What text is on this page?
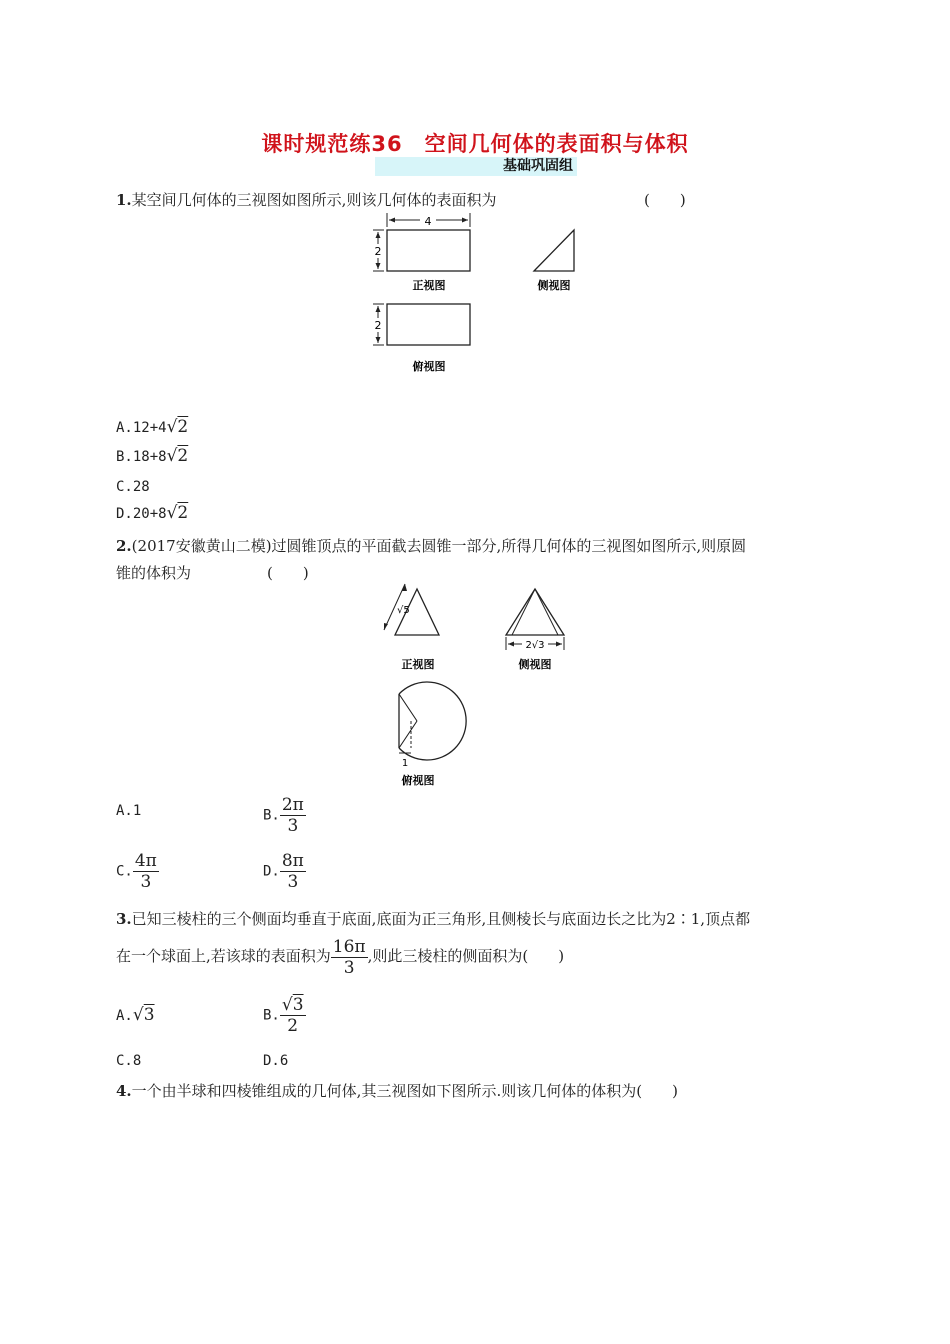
课时规范练36　空间几何体的表面积与体积
基础巩固组
1.某空间几何体的三视图如图所示,则该几何体的表面积为	(　　)
4
2
正视图	侧视图
2
俯视图
A.12+4√2
B.18+8√2
C.28
D.20+8√2
2.(2017安徽黄山二模)过圆锥顶点的平面截去圆锥一部分,所得几何体的三视图如图所示,则原圆
锥的体积为	(　　)
√5
正视图
2√3
侧视图
1
俯视图
A.1	B. $\frac{2\pi}{3}$
C. $\frac{4\pi}{3}$	D. $\frac{8\pi}{3}$
3.已知三棱柱的三个侧面均垂直于底面,底面为正三角形,且侧棱长与底面边长之比为2∶1,顶点都
在一个球面上,若该球的表面积为 $\frac{16\pi}{3}$ ,则此三棱柱的侧面积为(　　)
A.√3	B. $\frac{√3}{2}$
C.8	D.6
4.一个由半球和四棱锥组成的几何体,其三视图如下图所示.则该几何体的体积为(　　)
